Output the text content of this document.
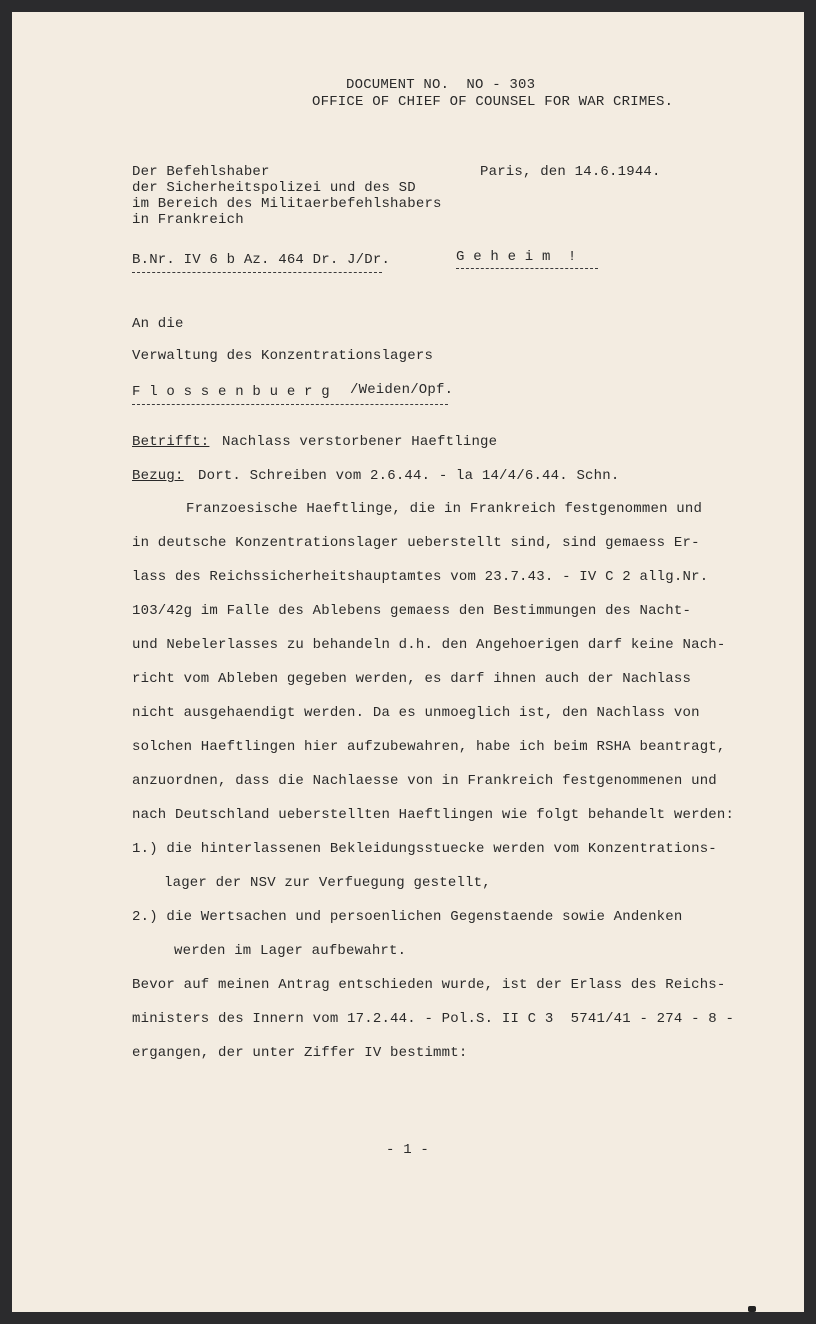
DOCUMENT NO.  NO - 303
OFFICE OF CHIEF OF COUNSEL FOR WAR CRIMES.
Der Befehlshaber
der Sicherheitspolizei und des SD
im Bereich des Militaerbefehlshabers
in Frankreich
Paris, den 14.6.1944.
B.Nr. IV 6 b Az. 464 Dr. J/Dr.	G e h e i m  !
An die
Verwaltung des Konzentrationslagers
F l o s s e n b u e r g /Weiden/Opf.
Betrifft: Nachlass verstorbener Haeftlinge
Bezug: Dort. Schreiben vom 2.6.44. - la 14/4/6.44. Schn.
Franzoesische Haeftlinge, die in Frankreich festgenommen und
in deutsche Konzentrationslager ueberstellt sind, sind gemaess Er-
lass des Reichssicherheitshauptamtes vom 23.7.43. - IV C 2 allg.Nr.
103/42g im Falle des Ablebens gemaess den Bestimmungen des Nacht-
und Nebelerlasses zu behandeln d.h. den Angehoerigen darf keine Nach-
richt vom Ableben gegeben werden, es darf ihnen auch der Nachlass
nicht ausgehaendigt werden. Da es unmoeglich ist, den Nachlass von
solchen Haeftlingen hier aufzubewahren, habe ich beim RSHA beantragt,
anzuordnen, dass die Nachlaesse von in Frankreich festgenommenen und
nach Deutschland ueberstellten Haeftlingen wie folgt behandelt werden:
1.) die hinterlassenen Bekleidungsstuecke werden vom Konzentrations-
lager der NSV zur Verfuegung gestellt,
2.) die Wertsachen und persoenlichen Gegenstaende sowie Andenken
werden im Lager aufbewahrt.
Bevor auf meinen Antrag entschieden wurde, ist der Erlass des Reichs-
ministers des Innern vom 17.2.44. - Pol.S. II C 3  5741/41 - 274 - 8 -
ergangen, der unter Ziffer IV bestimmt:
- 1 -
